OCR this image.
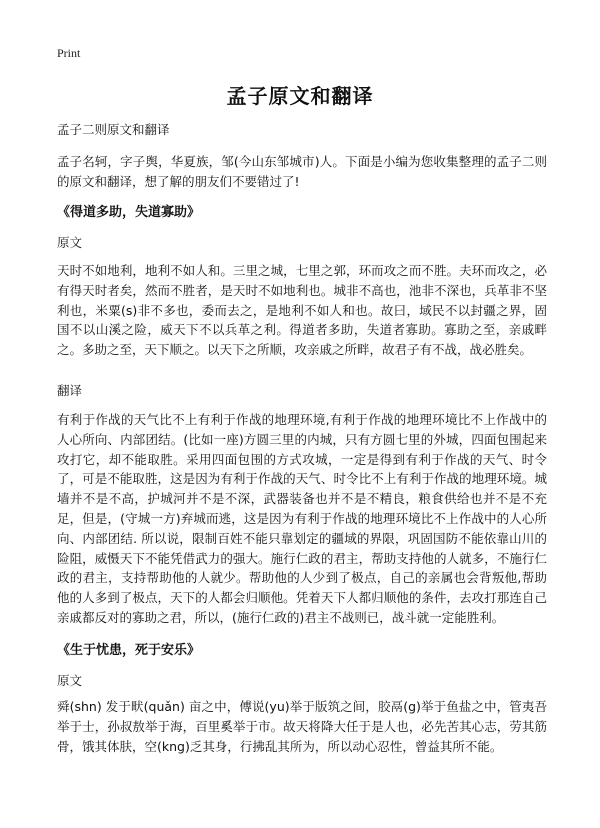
Print
孟子原文和翻译
孟子二则原文和翻译
孟子名轲，字子舆，华夏族，邹(今山东邹城市)人。下面是小编为您收集整理的孟子二则的原文和翻译，想了解的朋友们不要错过了!
《得道多助，失道寡助》
原文
天时不如地利，地利不如人和。三里之城，七里之郭，环而攻之而不胜。夫环而攻之，必有得天时者矣，然而不胜者，是天时不如地利也。城非不高也，池非不深也，兵革非不坚利也，米粟(s)非不多也，委而去之，是地利不如人和也。故曰，域民不以封疆之界，固国不以山溪之险，威天下不以兵革之利。得道者多助，失道者寡助。寡助之至，亲戚畔之。多助之至，天下顺之。以天下之所顺，攻亲戚之所畔，故君子有不战，战必胜矣。
翻译
有利于作战的天气比不上有利于作战的地理环境,有利于作战的地理环境比不上作战中的人心所向、内部团结。(比如一座)方圆三里的内城，只有方圆七里的外城，四面包围起来攻打它，却不能取胜。采用四面包围的方式攻城，一定是得到有利于作战的天气、时令了，可是不能取胜，这是因为有利于作战的天气、时令比不上有利于作战的地理环境。城墙并不是不高，护城河并不是不深，武器装备也并不是不精良，粮食供给也并不是不充足，但是，(守城一方)弃城而逃，这是因为有利于作战的地理环境比不上作战中的人心所向、内部团结. 所以说，限制百姓不能只靠划定的疆域的界限，巩固国防不能依靠山川的险阻，威慑天下不能凭借武力的强大。施行仁政的君主，帮助支持他的人就多，不施行仁政的君主，支持帮助他的人就少。帮助他的人少到了极点，自己的亲属也会背叛他,帮助他的人多到了极点，天下的人都会归顺他。凭着天下人都归顺他的条件，去攻打那连自己亲戚都反对的寡助之君，所以，(施行仁政的)君主不战则已，战斗就一定能胜利。
《生于忧患，死于安乐》
原文
舜(shn) 发于畎(quǎn) 亩之中，傅说(yu)举于版筑之间，胶鬲(g)举于鱼盐之中，管夷吾举于士，孙叔敖举于海，百里奚举于市。故天将降大任于是人也，必先苦其心志，劳其筋骨，饿其体肤，空(kng)乏其身，行拂乱其所为，所以动心忍性，曾益其所不能。
